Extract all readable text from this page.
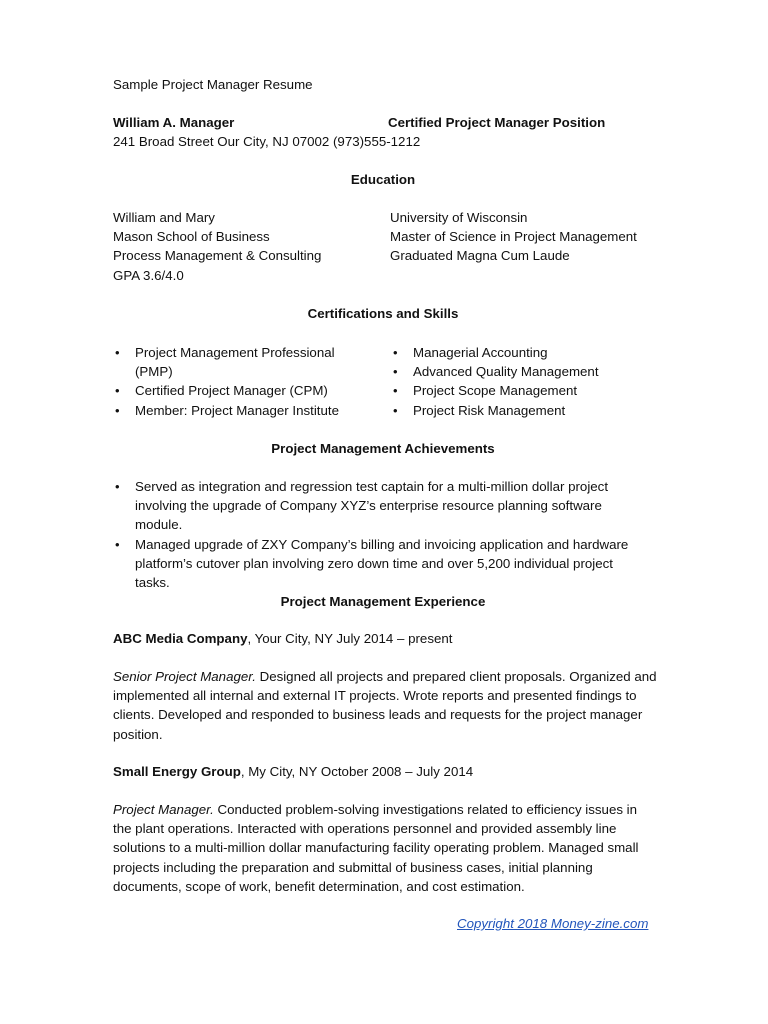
Sample Project Manager Resume
William A. Manager	Certified Project Manager Position
241 Broad Street Our City, NJ 07002 (973)555-1212
Education
William and Mary
Mason School of Business
Process Management & Consulting
GPA 3.6/4.0
University of Wisconsin
Master of Science in Project Management
Graduated Magna Cum Laude
Certifications and Skills
• Project Management Professional (PMP)
• Certified Project Manager (CPM)
• Member: Project Manager Institute
• Managerial Accounting
• Advanced Quality Management
• Project Scope Management
• Project Risk Management
Project Management Achievements
• Served as integration and regression test captain for a multi-million dollar project involving the upgrade of Company XYZ’s enterprise resource planning software module.
• Managed upgrade of ZXY Company’s billing and invoicing application and hardware platform’s cutover plan involving zero down time and over 5,200 individual project tasks.
Project Management Experience
ABC Media Company, Your City, NY July 2014 – present
Senior Project Manager. Designed all projects and prepared client proposals. Organized and implemented all internal and external IT projects. Wrote reports and presented findings to clients. Developed and responded to business leads and requests for the project manager position.
Small Energy Group, My City, NY October 2008 – July 2014
Project Manager. Conducted problem-solving investigations related to efficiency issues in the plant operations. Interacted with operations personnel and provided assembly line solutions to a multi-million dollar manufacturing facility operating problem. Managed small projects including the preparation and submittal of business cases, initial planning documents, scope of work, benefit determination, and cost estimation.
Copyright 2018 Money-zine.com
